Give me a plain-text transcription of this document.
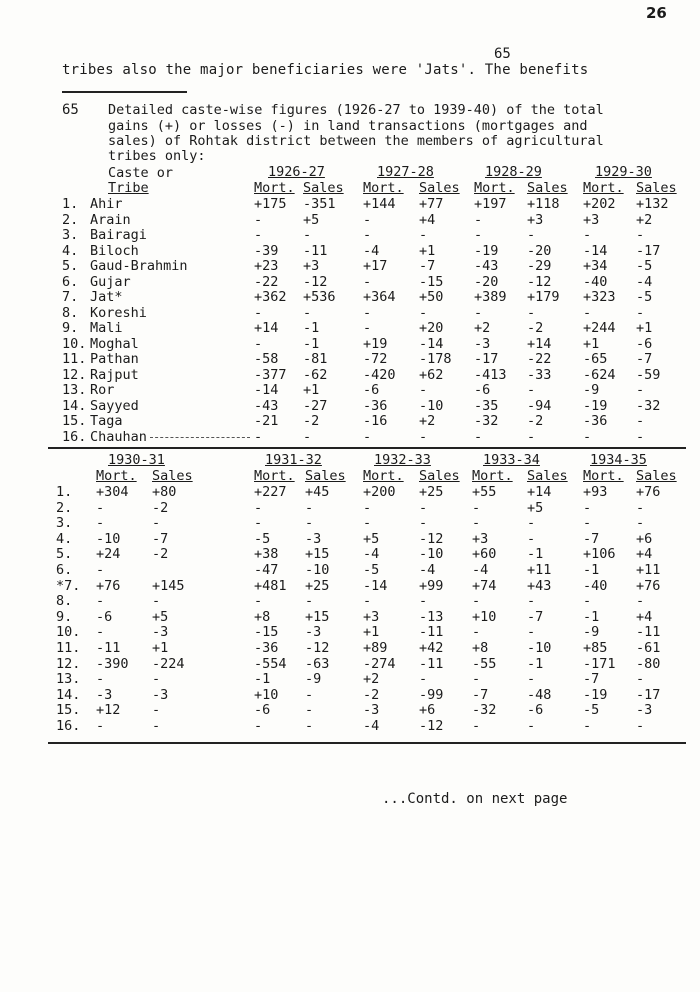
26
65
tribes also the major beneficiaries were 'Jats'. The benefits
65 Detailed caste-wise figures (1926-27 to 1939-40) of the total
gains (+) or losses (-) in land transactions (mortgages and
sales) of Rohtak district between the members of agricultural
tribes only:
Caste or
Tribe
...Contd. on next page
1. Ahir
2. Arain
3. Bairagi
4. Biloch
5. Gaud-Brahmin
6. Gujar
7. Jat*
8. Koreshi
9. Mali
10. Moghal
11. Pathan
12. Rajput
13. Ror
14. Sayyed
15. Taga
16. Chauhan
1926-27
Mort. Sales
+175
-
-
-39
+23
-22
+362
-
+14
-
-58
-377
-14
-43
-21
-
-351
+5
-
-11
+3
-12
+536
-
-1
-1
-81
-62
+1
-27
-2
-
1927-28
Mort. Sales
+144
-
-
-4
+17
-
+364
-
-
+19
-72
-420
-6
-36
-16
-
+77
+4
-
+1
-7
-15
+50
-
+20
-14
-178
+62
-
-10
+2
-
1928-29
Mort. Sales
+197
-
-
-19
-43
-20
+389
-
+2
-3
-17
-413
-6
-35
-32
-
+118
+3
-
-20
-29
-12
+179
-
-2
+14
-22
-33
-
-94
-2
-
1929-30
Mort. Sales
+202
+3
-
-14
+34
-40
+323
-
+244
+1
-65
-624
-9
-19
-36
-
+132
+2
-
-17
-5
-4
-5
-
+1
-6
-7
-59
-
-32
-
-
1.
2.
3.
4.
5.
6.
*7.
8.
9.
10.
11.
12.
13.
14.
15.
16.
1930-31
Mort. Sales
+304
-
-
-10
+24
-
+76
-
-6
-
-11
-390
-
-3
+12
-
+80
-2
-
-7
-2
+145
-
+5
-3
+1
-224
-
-3
-
-
1931-32
Mort. Sales
+227
-
-
-5
+38
-47
+481
-
+8
-15
-36
-554
-1
+10
-6
-
+45
-
-
-3
+15
-10
+25
-
+15
-3
-12
-63
-9
-
-
-
1932-33
Mort. Sales
+200
-
-
+5
-4
-5
-14
-
+3
+1
+89
-274
+2
-2
-3
-4
+25
-
-
-12
-10
-4
+99
-
-13
-11
+42
-11
-
-99
+6
-12
1933-34
Mort. Sales
+55
-
-
+3
+60
-4
+74
-
+10
-
+8
-55
-
-7
-32
-
+14
+5
-
-
-1
+11
+43
-
-7
-
-10
-1
-
-48
-6
-
1934-35
Mort. Sales
+93
-
-
-7
+106
-1
-40
-
-1
-9
+85
-171
-7
-19
-5
-
+76
-
-
+6
+4
+11
+76
-
+4
-11
-61
-80
-
-17
-3
-
